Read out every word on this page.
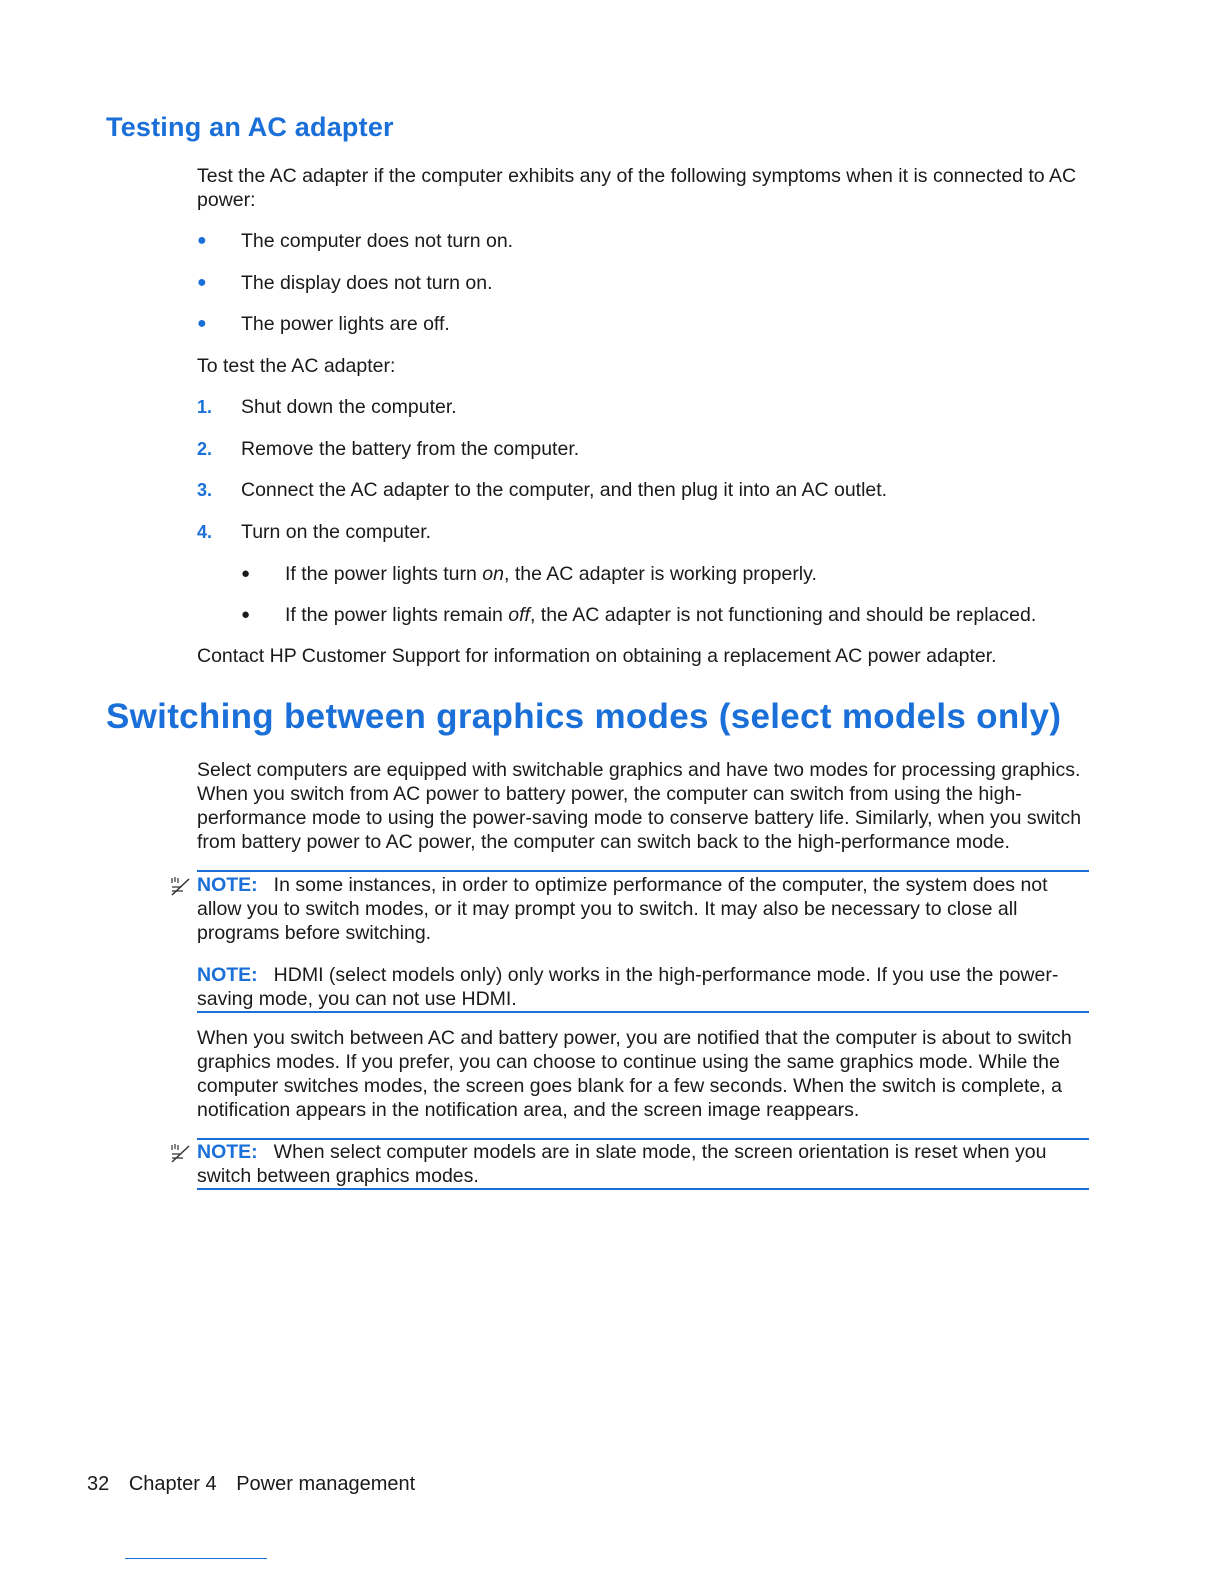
Testing an AC adapter

Test the AC adapter if the computer exhibits any of the following symptoms when it is connected to AC power:

● The computer does not turn on.
● The display does not turn on.
● The power lights are off.

To test the AC adapter:

1. Shut down the computer.
2. Remove the battery from the computer.
3. Connect the AC adapter to the computer, and then plug it into an AC outlet.
4. Turn on the computer.
● If the power lights turn on, the AC adapter is working properly.
● If the power lights remain off, the AC adapter is not functioning and should be replaced.

Contact HP Customer Support for information on obtaining a replacement AC power adapter.

Switching between graphics modes (select models only)

Select computers are equipped with switchable graphics and have two modes for processing graphics. When you switch from AC power to battery power, the computer can switch from using the high-performance mode to using the power-saving mode to conserve battery life. Similarly, when you switch from battery power to AC power, the computer can switch back to the high-performance mode.

NOTE: In some instances, in order to optimize performance of the computer, the system does not allow you to switch modes, or it may prompt you to switch. It may also be necessary to close all programs before switching.

NOTE: HDMI (select models only) only works in the high-performance mode. If you use the power-saving mode, you can not use HDMI.

When you switch between AC and battery power, you are notified that the computer is about to switch graphics modes. If you prefer, you can choose to continue using the same graphics mode. While the computer switches modes, the screen goes blank for a few seconds. When the switch is complete, a notification appears in the notification area, and the screen image reappears.

NOTE: When select computer models are in slate mode, the screen orientation is reset when you switch between graphics modes.

32 Chapter 4 Power management
